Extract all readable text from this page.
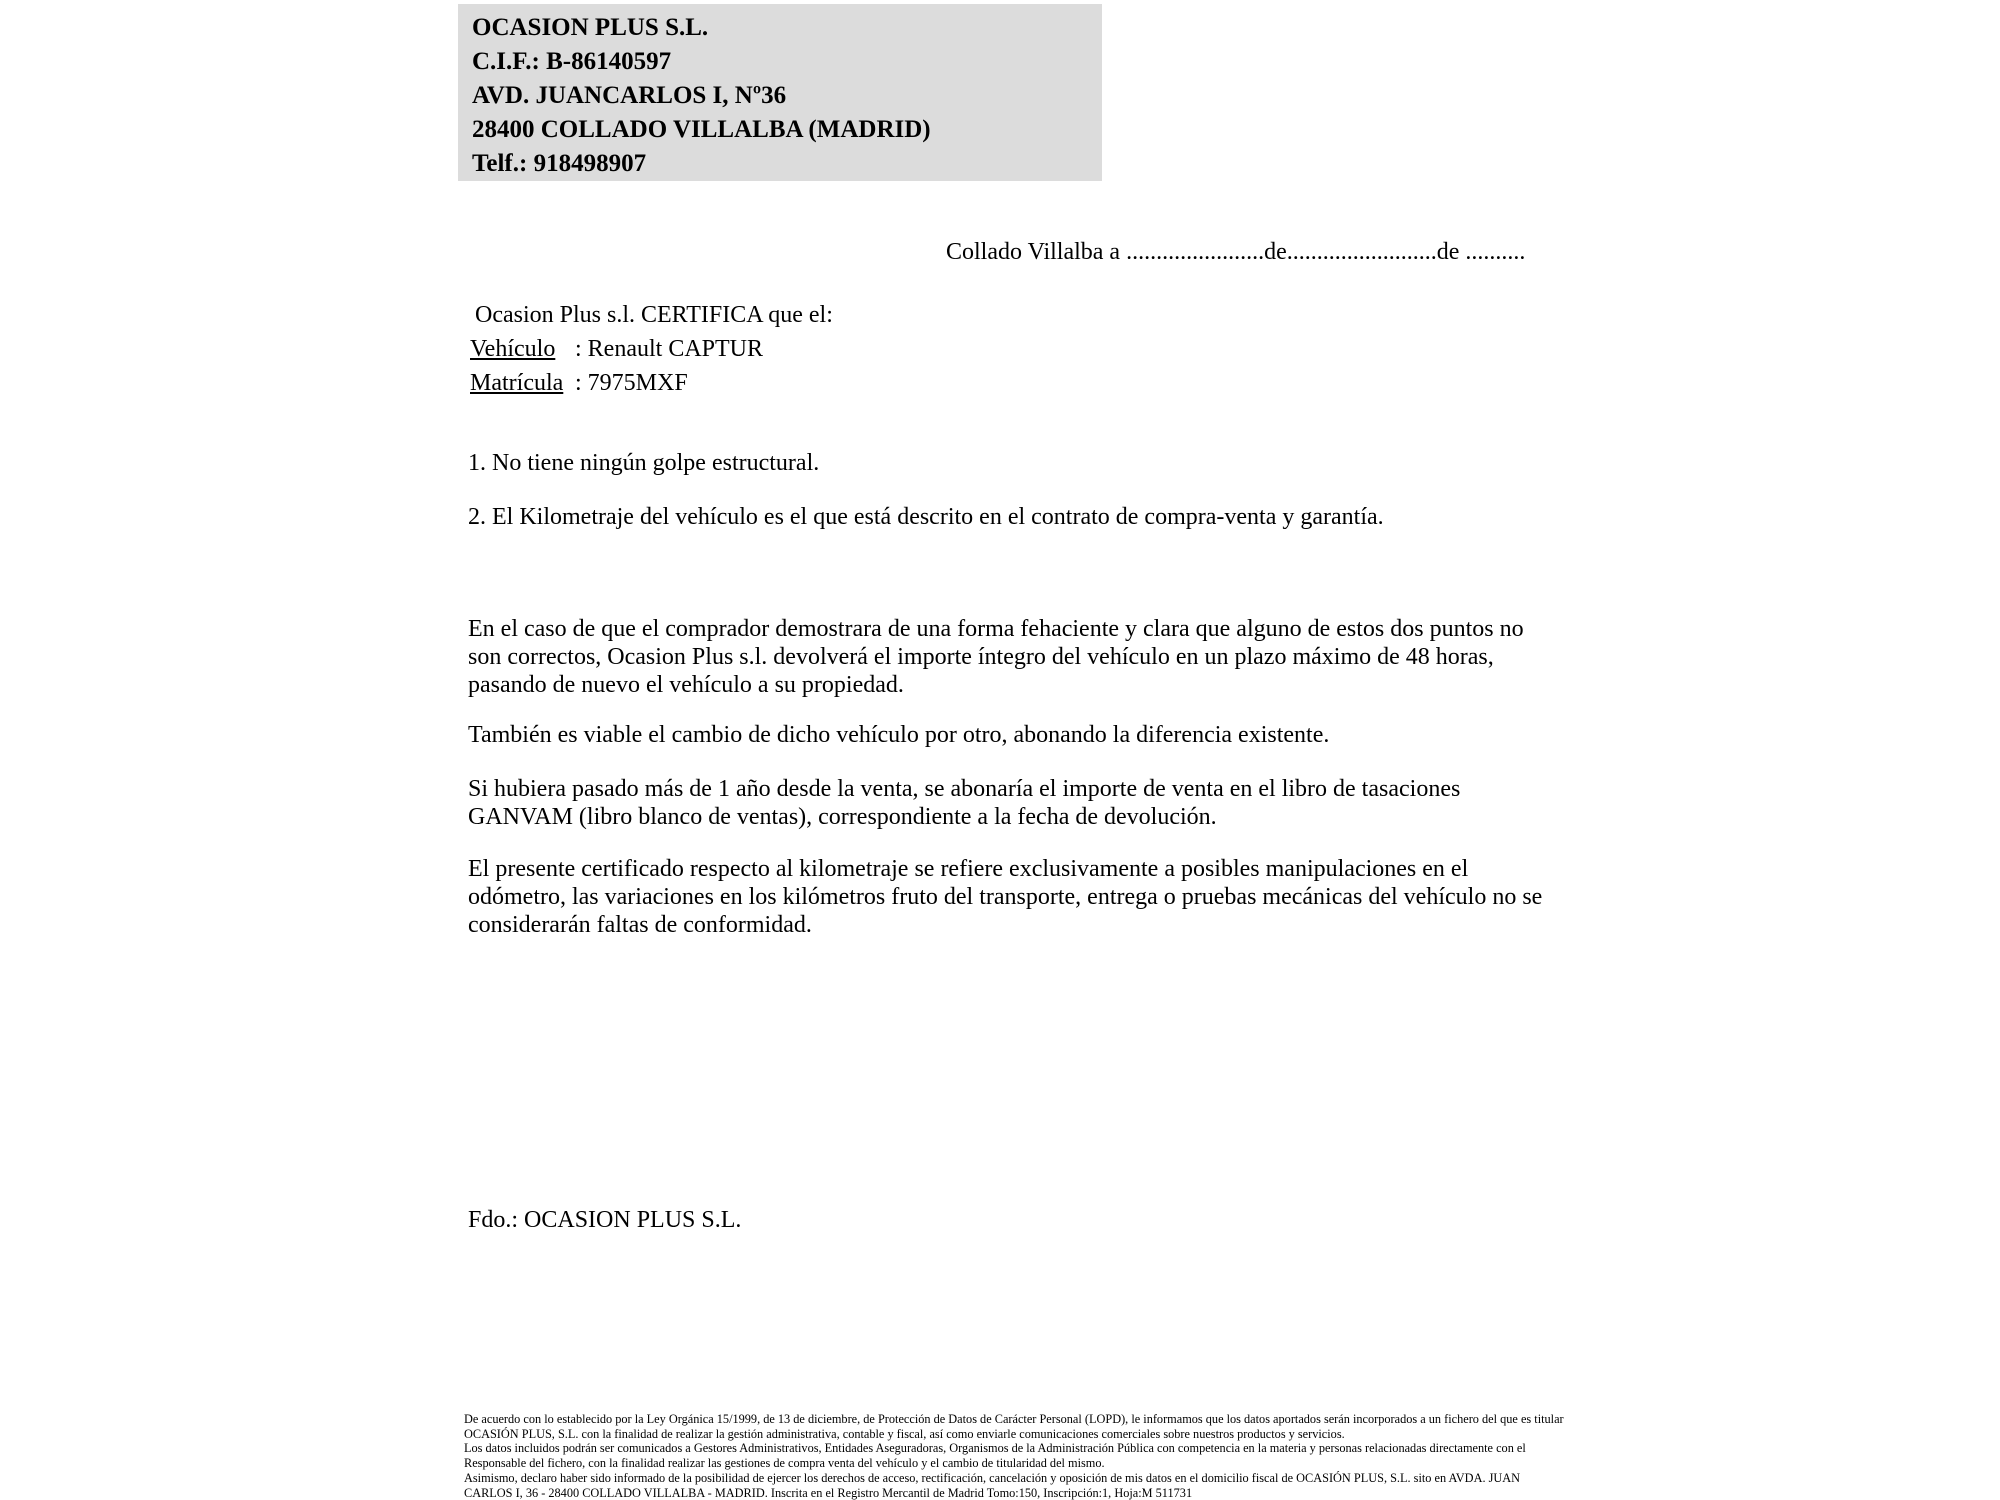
OCASION PLUS S.L.
C.I.F.: B-86140597
AVD. JUANCARLOS I, Nº36
28400 COLLADO VILLALBA (MADRID)
Telf.: 918498907
Collado Villalba a .......................de.........................de ..........
Ocasion Plus s.l. CERTIFICA que el:
Vehículo : Renault CAPTUR
Matrícula : 7975MXF
1. No tiene ningún golpe estructural.
2. El Kilometraje del vehículo es el que está descrito en el contrato de compra-venta y garantía.
En el caso de que el comprador demostrara de una forma fehaciente y clara que alguno de estos dos puntos no son correctos, Ocasion Plus s.l. devolverá el importe íntegro del vehículo en un plazo máximo de 48 horas, pasando de nuevo el vehículo a su propiedad.
También es viable el cambio de dicho vehículo por otro, abonando la diferencia existente.
Si hubiera pasado más de 1 año desde la venta, se abonaría el importe de venta en el libro de tasaciones GANVAM (libro blanco de ventas), correspondiente a la fecha de devolución.
El presente certificado respecto al kilometraje se refiere exclusivamente a posibles manipulaciones en el odómetro, las variaciones en los kilómetros fruto del transporte, entrega o pruebas mecánicas del vehículo no se considerarán faltas de conformidad.
Fdo.: OCASION PLUS S.L.
De acuerdo con lo establecido por la Ley Orgánica 15/1999, de 13 de diciembre, de Protección de Datos de Carácter Personal (LOPD), le informamos que los datos aportados serán incorporados a un fichero del que es titular
OCASIÓN PLUS, S.L. con la finalidad de realizar la gestión administrativa, contable y fiscal, así como enviarle comunicaciones comerciales sobre nuestros productos y servicios.
Los datos incluidos podrán ser comunicados a Gestores Administrativos, Entidades Aseguradoras, Organismos de la Administración Pública con competencia en la materia y personas relacionadas directamente con el
Responsable del fichero, con la finalidad realizar las gestiones de compra venta del vehículo y el cambio de titularidad del mismo.
Asimismo, declaro haber sido informado de la posibilidad de ejercer los derechos de acceso, rectificación, cancelación y oposición de mis datos en el domicilio fiscal de OCASIÓN PLUS, S.L. sito en AVDA. JUAN
CARLOS I, 36 - 28400 COLLADO VILLALBA - MADRID. Inscrita en el Registro Mercantil de Madrid Tomo:150, Inscripción:1, Hoja:M 511731
